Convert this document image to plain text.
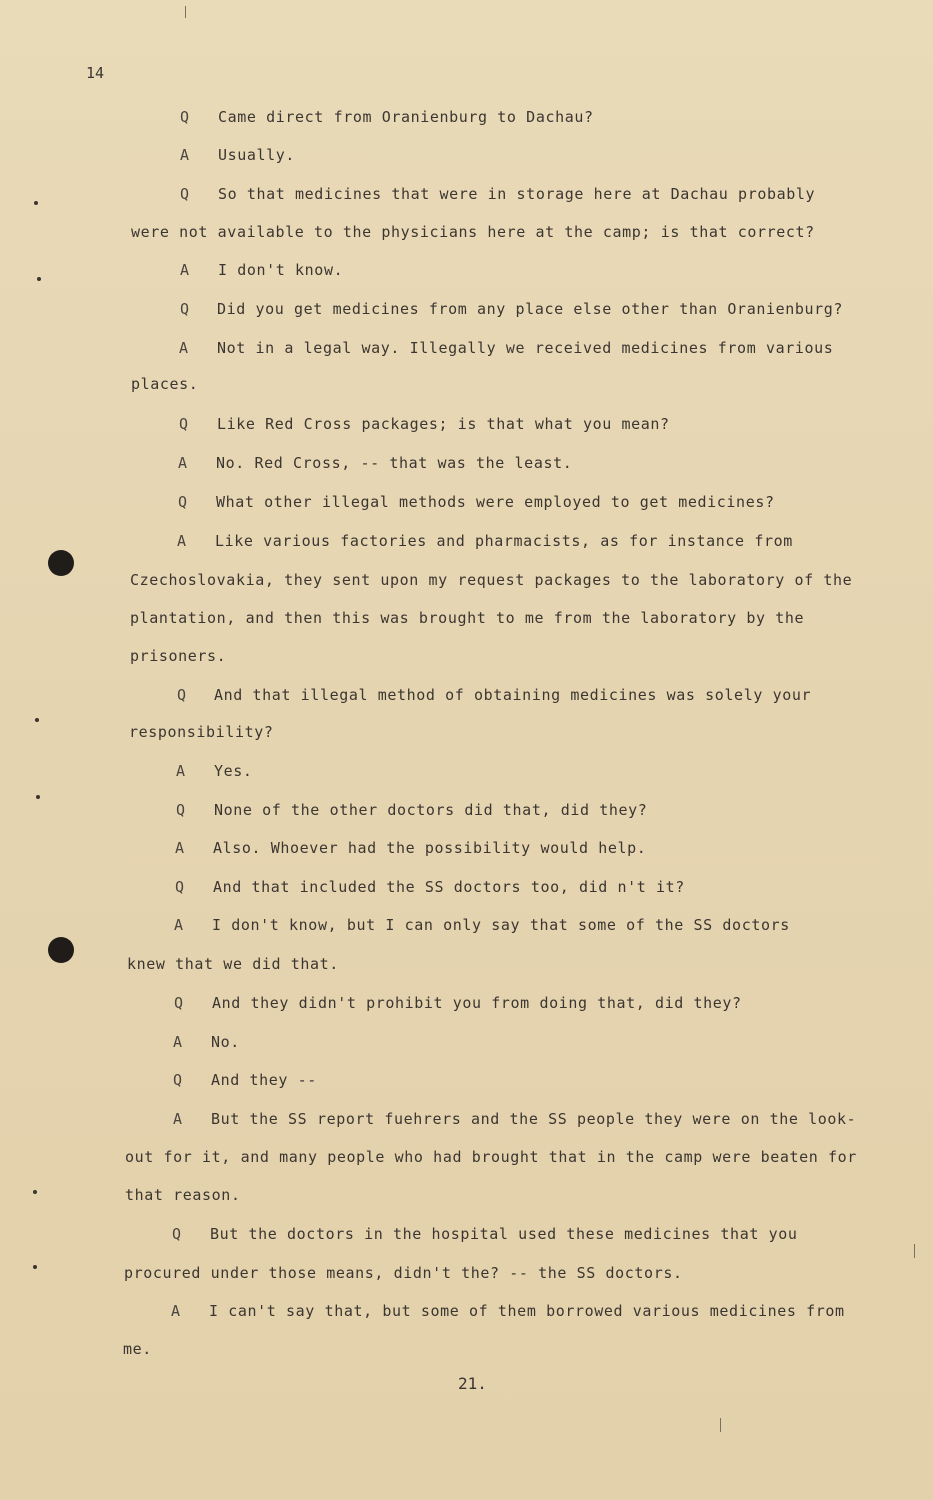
14
Q Came direct from Oranienburg to Dachau?
A Usually.
Q So that medicines that were in storage here at Dachau probably
were not available to the physicians here at the camp; is that correct?
A I don't know.
Q Did you get medicines from any place else other than Oranienburg?
A Not in a legal way. Illegally we received medicines from various
places.
Q Like Red Cross packages; is that what you mean?
A No. Red Cross, -- that was the least.
Q What other illegal methods were employed to get medicines?
A Like various factories and pharmacists, as for instance from
Czechoslovakia, they sent upon my request packages to the laboratory of the
plantation, and then this was brought to me from the laboratory by the
prisoners.
Q And that illegal method of obtaining medicines was solely your
responsibility?
A Yes.
Q None of the other doctors did that, did they?
A Also. Whoever had the possibility would help.
Q And that included the SS doctors too, did n't it?
A I don't know, but I can only say that some of the SS doctors
knew that we did that.
Q And they didn't prohibit you from doing that, did they?
A No.
Q And they --
A But the SS report fuehrers and the SS people they were on the look-
out for it, and many people who had brought that in the camp were beaten for
that reason.
Q But the doctors in the hospital used these medicines that you
procured under those means, didn't the? -- the SS doctors.
A I can't say that, but some of them borrowed various medicines from
me.
21.
